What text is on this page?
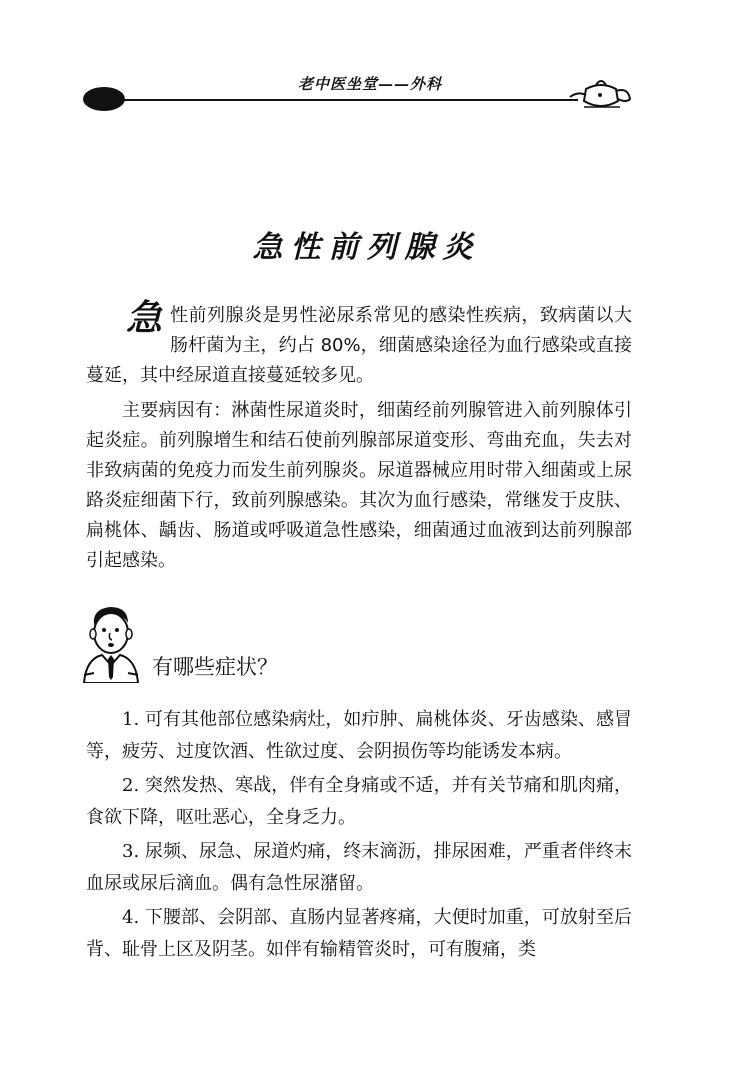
老中医坐堂——外科
急性前列腺炎
急性前列腺炎是男性泌尿系常见的感染性疾病，致病菌以大肠杆菌为主，约占 80%，细菌感染途径为血行感染或直接蔓延，其中经尿道直接蔓延较多见。
主要病因有：淋菌性尿道炎时，细菌经前列腺管进入前列腺体引起炎症。前列腺增生和结石使前列腺部尿道变形、弯曲充血，失去对非致病菌的免疫力而发生前列腺炎。尿道器械应用时带入细菌或上尿路炎症细菌下行，致前列腺感染。其次为血行感染，常继发于皮肤、扁桃体、龋齿、肠道或呼吸道急性感染，细菌通过血液到达前列腺部引起感染。
有哪些症状？

1. 可有其他部位感染病灶，如疖肿、扁桃体炎、牙齿感染、感冒等，疲劳、过度饮酒、性欲过度、会阴损伤等均能诱发本病。

2. 突然发热、寒战，伴有全身痛或不适，并有关节痛和肌肉痛，食欲下降，呕吐恶心，全身乏力。

3. 尿频、尿急、尿道灼痛，终末滴沥，排尿困难，严重者伴终末血尿或尿后滴血。偶有急性尿潴留。

4. 下腰部、会阴部、直肠内显著疼痛，大便时加重，可放射至后背、耻骨上区及阴茎。如伴有输精管炎时，可有腹痛，类
